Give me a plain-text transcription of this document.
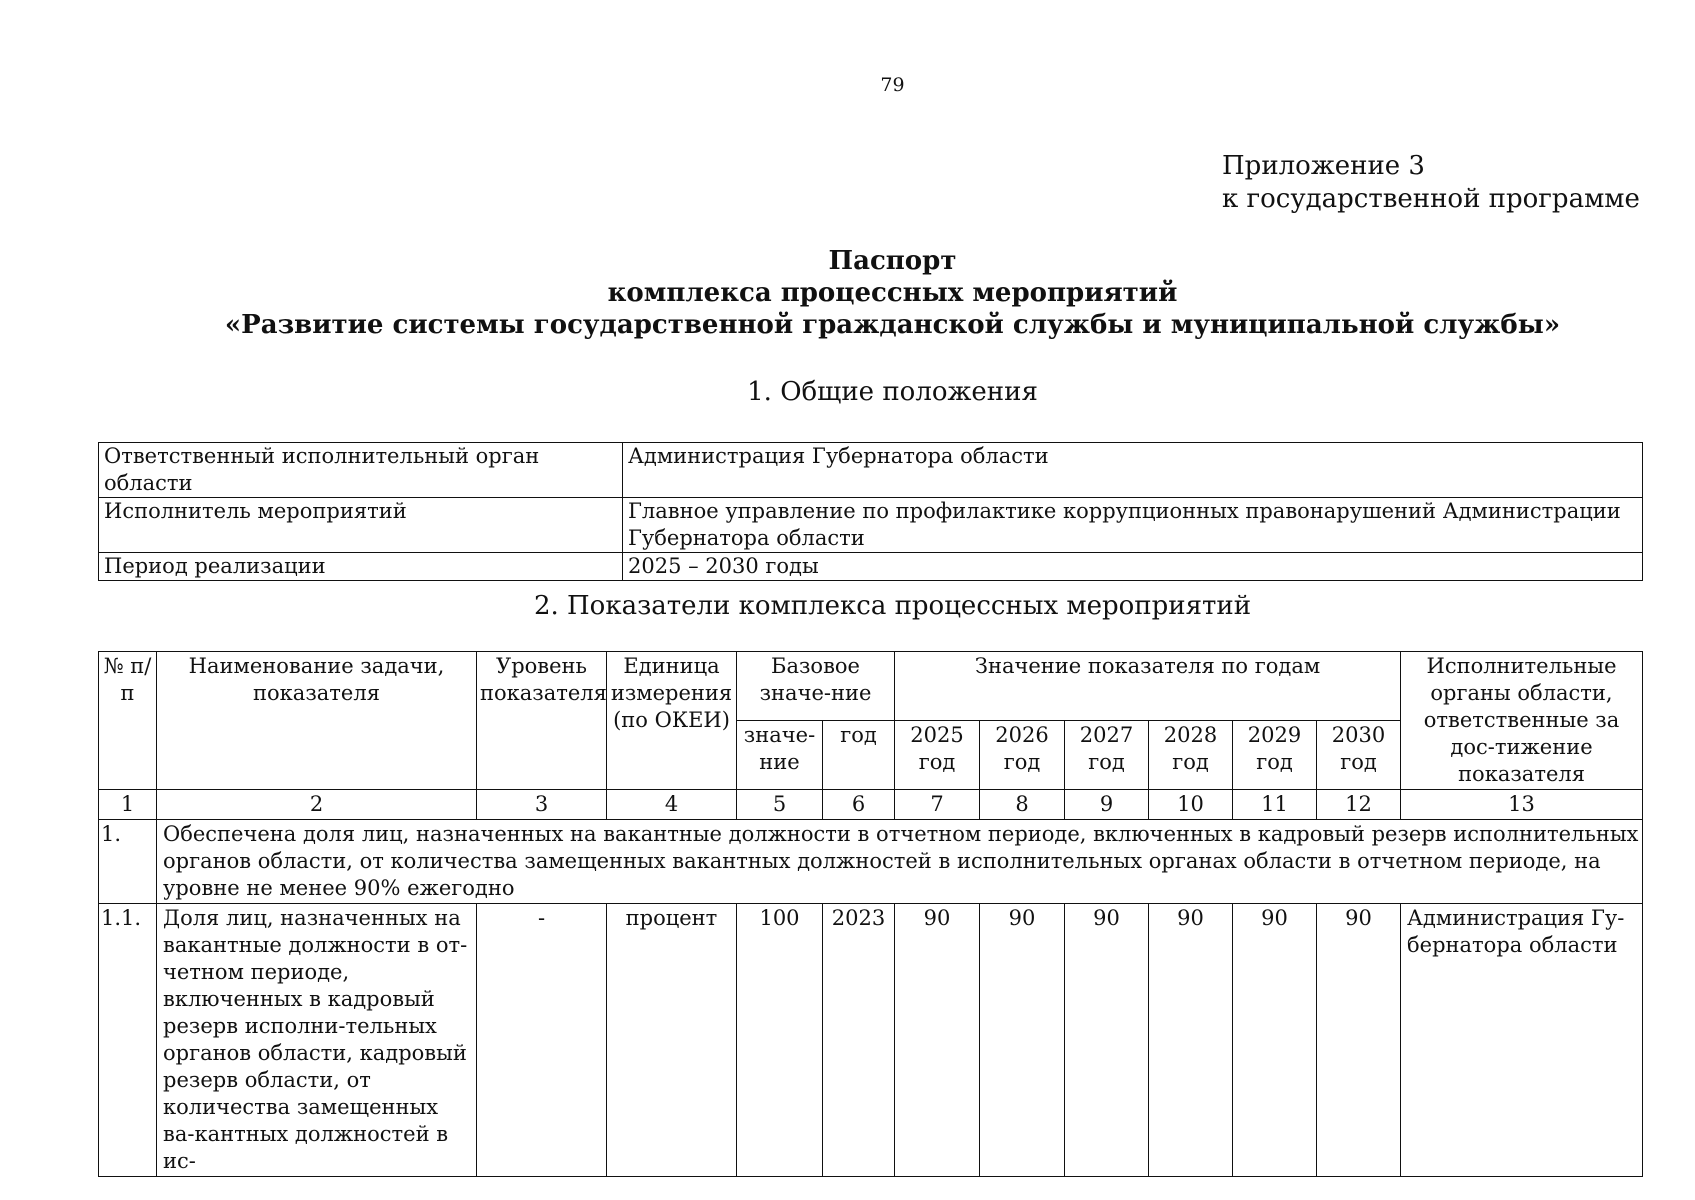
79
Приложение 3
к государственной программе
Паспорт
комплекса процессных мероприятий
«Развитие системы государственной гражданской службы и муниципальной службы»
1. Общие положения
Ответственный исполнительный орган области	Администрация Губернатора области
Исполнитель мероприятий	Главное управление по профилактике коррупционных правонарушений Администрации Губернатора области
Период реализации	2025 – 2030 годы
2. Показатели комплекса процессных мероприятий
№ п/п	Наименование задачи, показателя	Уровень показателя	Единица измерения (по ОКЕИ)	Базовое значе-ние		Значение показателя по годам						Исполнительные органы области, ответственные за дос-тижение показателя
				значе-ние	год	2025 год	2026 год	2027 год	2028 год	2029 год	2030 год	
1	2	3	4	5	6	7	8	9	10	11	12	13
1.	Обеспечена доля лиц, назначенных на вакантные должности в отчетном периоде, включенных в кадровый резерв исполнительных органов области, от количества замещенных вакантных должностей в исполнительных органах области в отчетном периоде, на уровне не менее 90% ежегодно											
1.1.	Доля лиц, назначенных на вакантные должности в от-четном периоде, включенных в кадровый резерв исполни-тельных органов области, кадровый резерв области, от количества замещенных ва-кантных должностей в ис-	-	процент	100	2023	90	90	90	90	90	90	Администрация Гу-бернатора области
